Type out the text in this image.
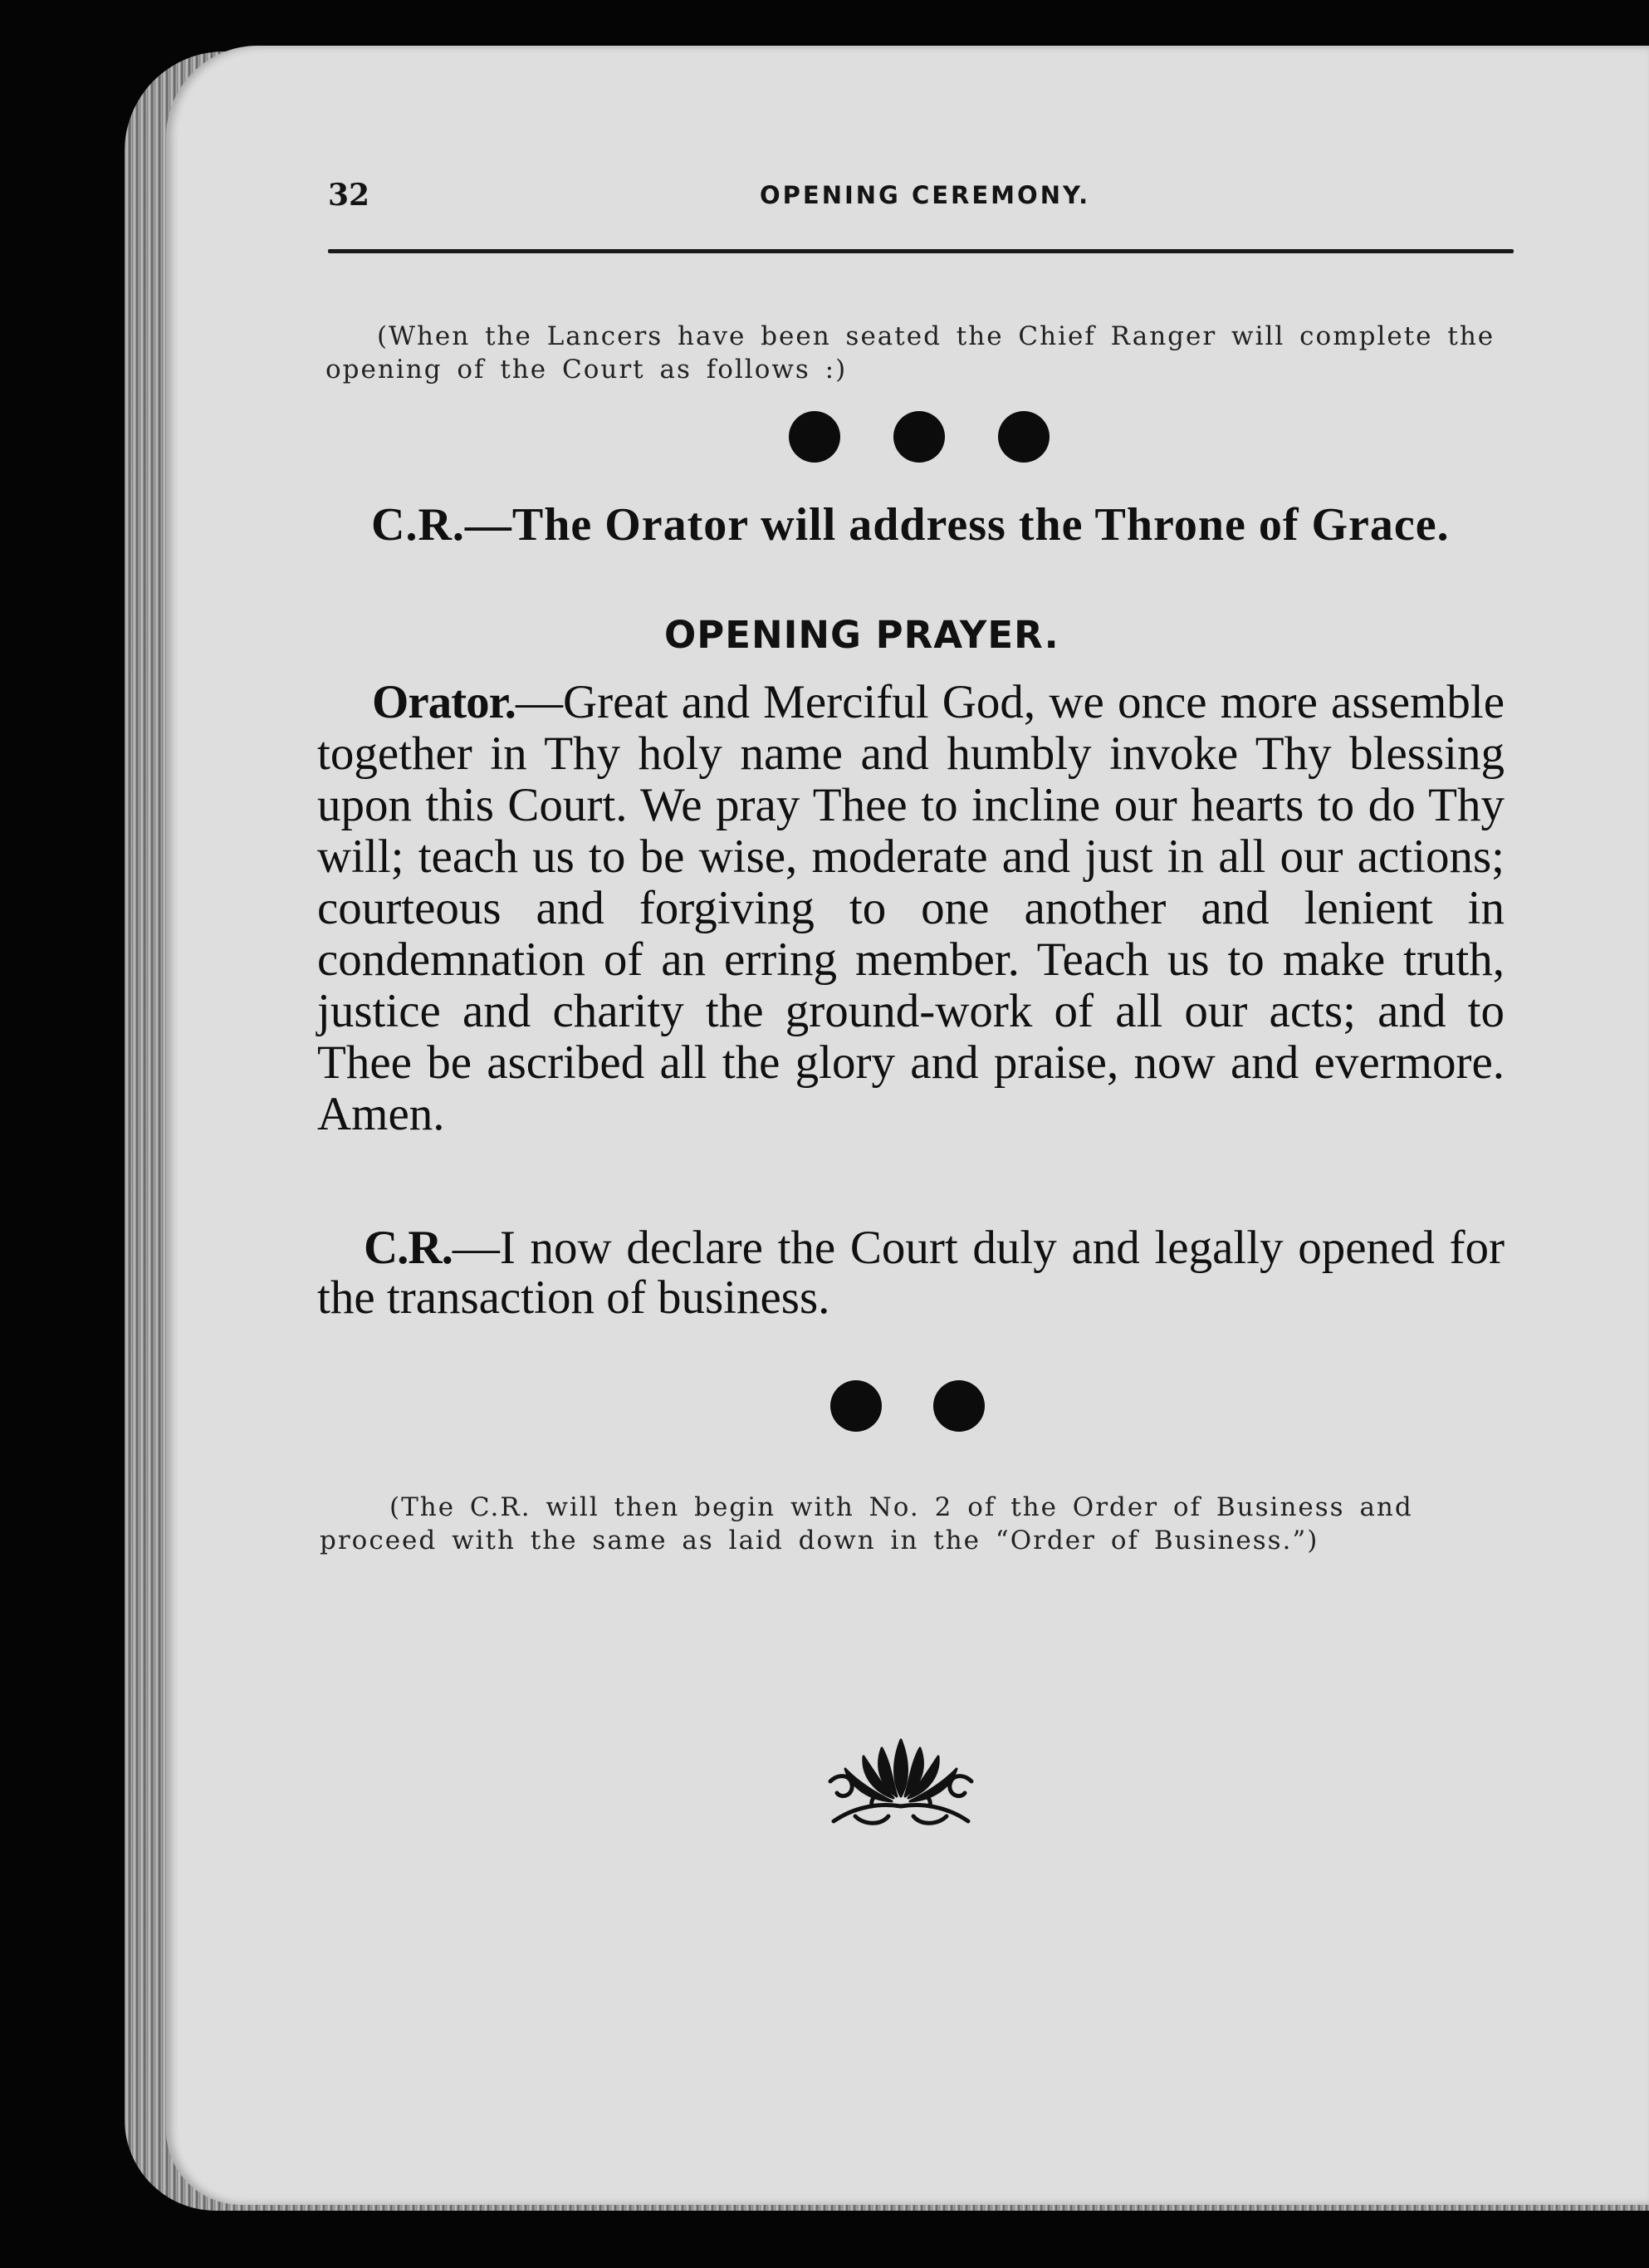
32	OPENING CEREMONY.

(When the Lancers have been seated the Chief Ranger will complete the opening of the Court as follows :)

C.R.—The Orator will address the Throne of Grace.
OPENING PRAYER.

Orator.—Great and Merciful God, we once more assemble together in Thy holy name and humbly invoke Thy blessing upon this Court. We pray Thee to incline our hearts to do Thy will; teach us to be wise, moderate and just in all our actions; courteous and forgiving to one another and lenient in condemnation of an erring member. Teach us to make truth, justice and charity the ground-work of all our acts; and to Thee be ascribed all the glory and praise, now and evermore. Amen.

C.R.—I now declare the Court duly and legally opened for the transaction of business.

(The C.R. will then begin with No. 2 of the Order of Business and proceed with the same as laid down in the “Order of Business.”)
